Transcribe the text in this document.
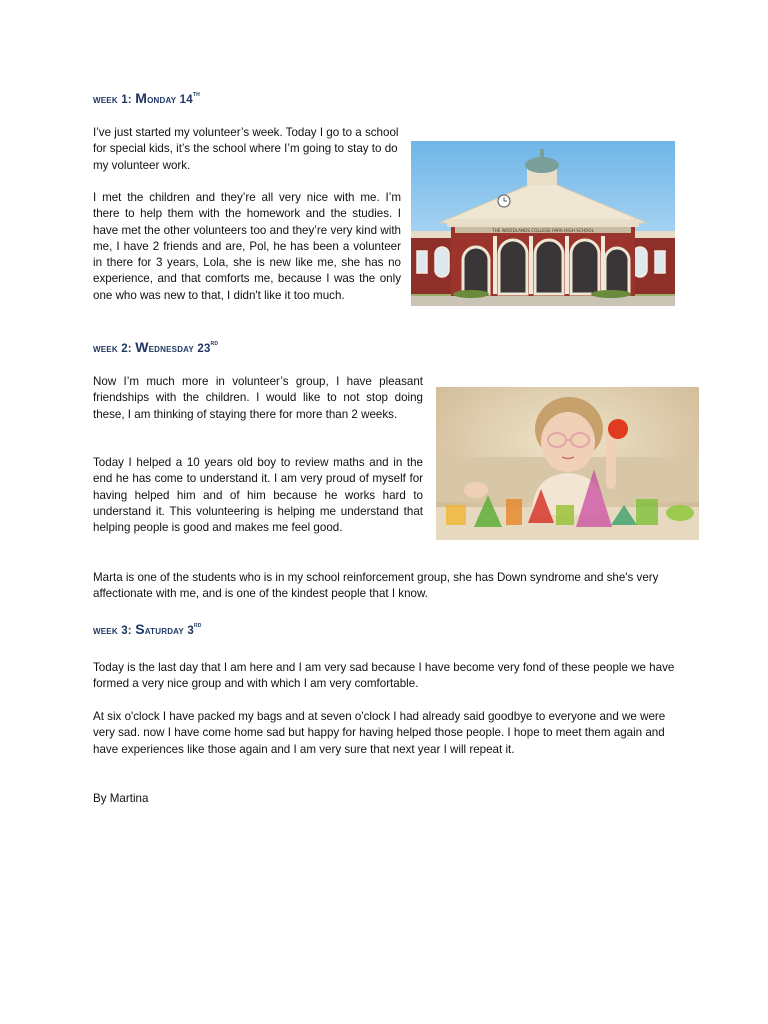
week 1: Monday 14th

I’ve just started my volunteer’s week. Today I go to a school for special kids, it’s the school where I’m going to stay to do my volunteer work.

I met the children and they’re all very nice with me. I’m there to help them with the homework and the studies. I have met the other volunteers too and they’re very kind with me, I have 2 friends and are, Pol, he has been a volunteer in there for 3 years, Lola, she is new like me, she has no experience, and that comforts me, because I was the only one who was new to that, I didn't like it too much.

THE WOODLANDS COLLEGE PARK HIGH SCHOOL
week 2: Wednesday 23rd

Now I’m much more in volunteer’s group, I have pleasant friendships with the children. I would like to not stop doing these, I am thinking of staying there for more than 2 weeks.

Today I helped a 10 years old boy to review maths and in the end he has come to understand it. I am very proud of myself for having helped him and of him because he works hard to understand it. This volunteering is helping me understand that helping people is good and makes me feel good.

Marta is one of the students who is in my school reinforcement group, she has Down syndrome and she's very affectionate with me, and is one of the kindest people that I know.

week 3: Saturday 3rd

Today is the last day that I am here and I am very sad because I have become very fond of these people we have formed a very nice group and with which I am very comfortable.

At six o'clock I have packed my bags and at seven o'clock I had already said goodbye to everyone and we were very sad. now I have come home sad but happy for having helped those people. I hope to meet them again and have experiences like those again and I am very sure that next year I will repeat it.

By Martina
